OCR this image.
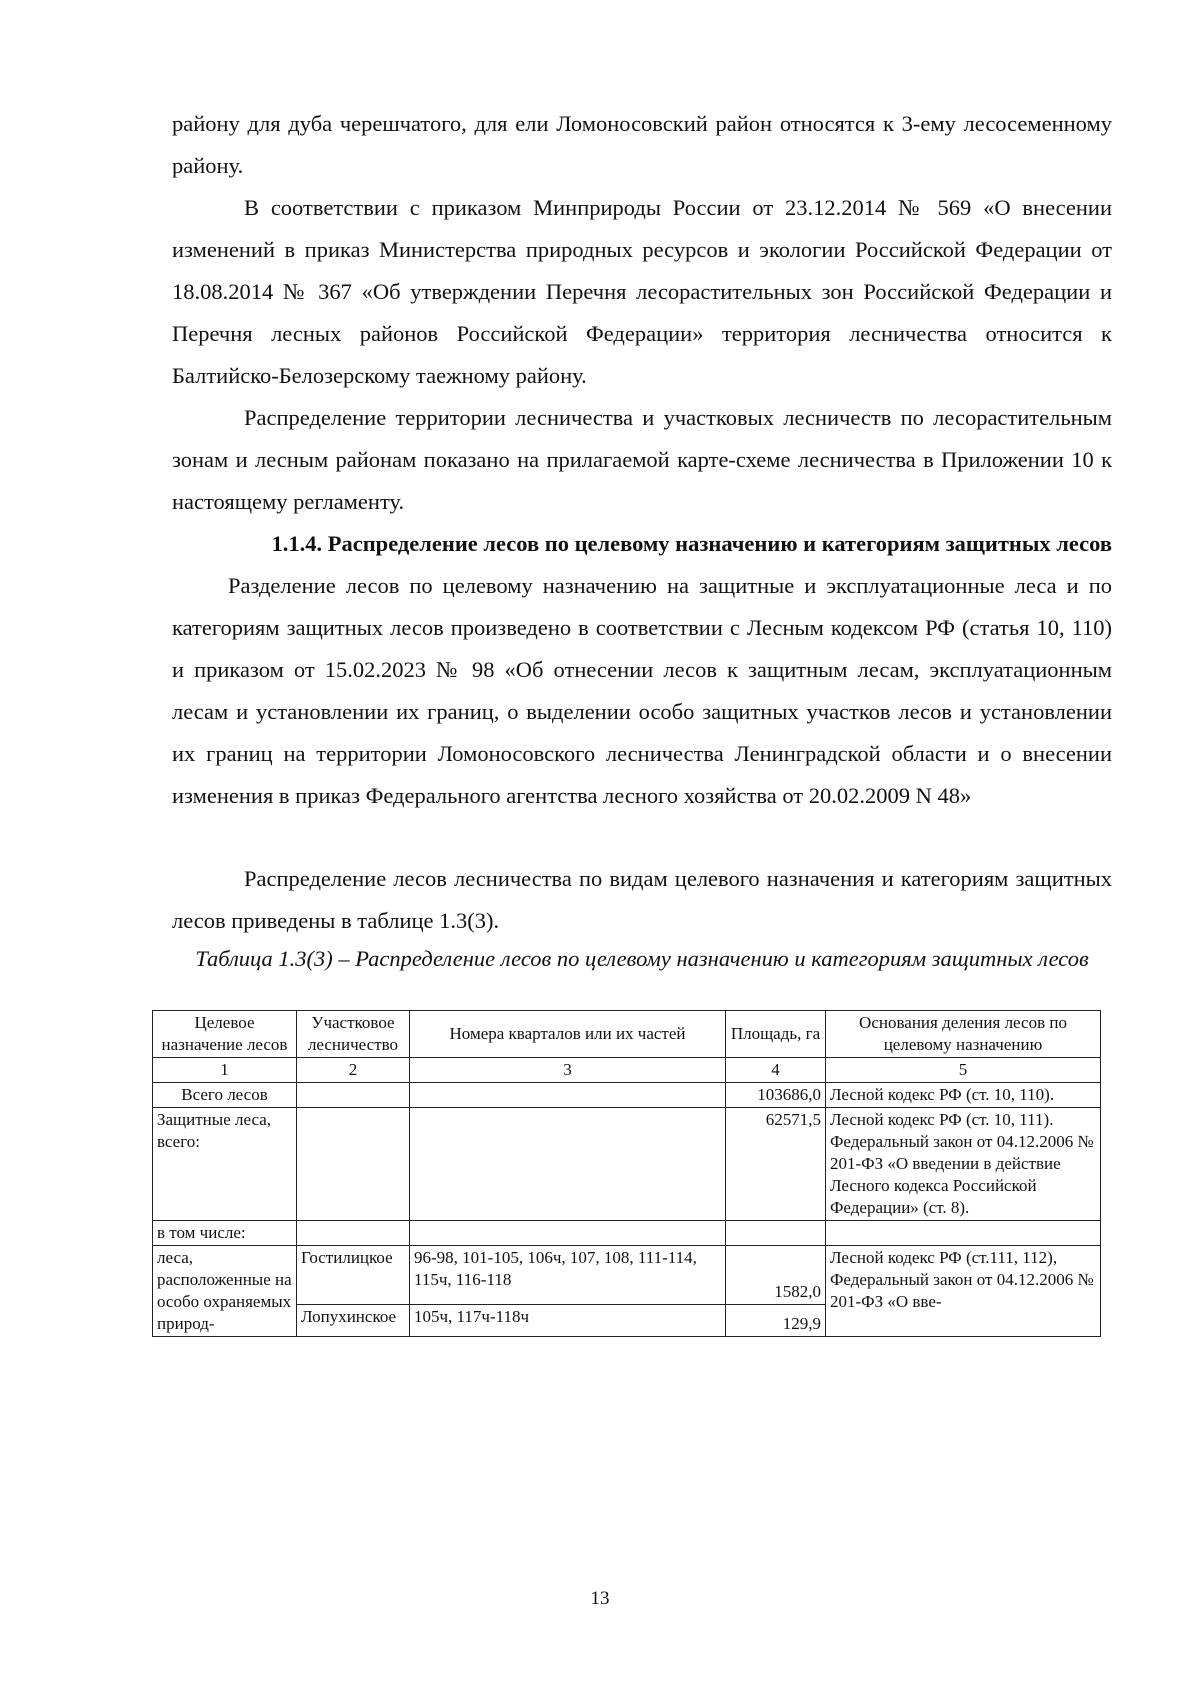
району для дуба черешчатого, для ели Ломоносовский район относятся к 3-ему лесосеменному району.

В соответствии с приказом Минприроды России от 23.12.2014 № 569 «О внесении изменений в приказ Министерства природных ресурсов и экологии Российской Федерации от 18.08.2014 № 367 «Об утверждении Перечня лесорастительных зон Российской Федерации и Перечня лесных районов Российской Федерации» территория лесничества относится к Балтийско-Белозерскому таежному району.

Распределение территории лесничества и участковых лесничеств по лесорастительным зонам и лесным районам показано на прилагаемой карте-схеме лесничества в Приложении 10 к настоящему регламенту.

1.1.4. Распределение лесов по целевому назначению и категориям защитных лесов

Разделение лесов по целевому назначению на защитные и эксплуатационные леса и по категориям защитных лесов произведено в соответствии с Лесным кодексом РФ (статья 10, 110) и приказом от 15.02.2023 № 98 «Об отнесении лесов к защитным лесам, эксплуатационным лесам и установлении их границ, о выделении особо защитных участков лесов и установлении их границ на территории Ломоносовского лесничества Ленинградской области и о внесении изменения в приказ Федерального агентства лесного хозяйства от 20.02.2009 N 48»

Распределение лесов лесничества по видам целевого назначения и категориям защитных лесов приведены в таблице 1.3(3).

Таблица 1.3(3) – Распределение лесов по целевому назначению и категориям защитных лесов

Целевое назначение лесов	Участковое лесничество	Номера кварталов или их частей	Площадь, га	Основания деления лесов по целевому назначению
1	2	3	4	5
Всего лесов			103686,0	Лесной кодекс РФ (ст. 10, 110).
Защитные леса, всего:			62571,5	Лесной кодекс РФ (ст. 10, 111).
Федеральный закон от 04.12.2006 № 201-ФЗ «О введении в действие Лесного кодекса Российской Федерации» (ст. 8).
в том числе:				
леса, расположенные на особо охраняемых природ-	Гостилицкое	96-98, 101-105, 106ч, 107, 108, 111-114, 115ч, 116-118	1582,0	Лесной кодекс РФ (ст.111, 112),
Федеральный закон от 04.12.2006 № 201-ФЗ «О вве-
	Лопухинское	105ч, 117ч-118ч	129,9	
13
